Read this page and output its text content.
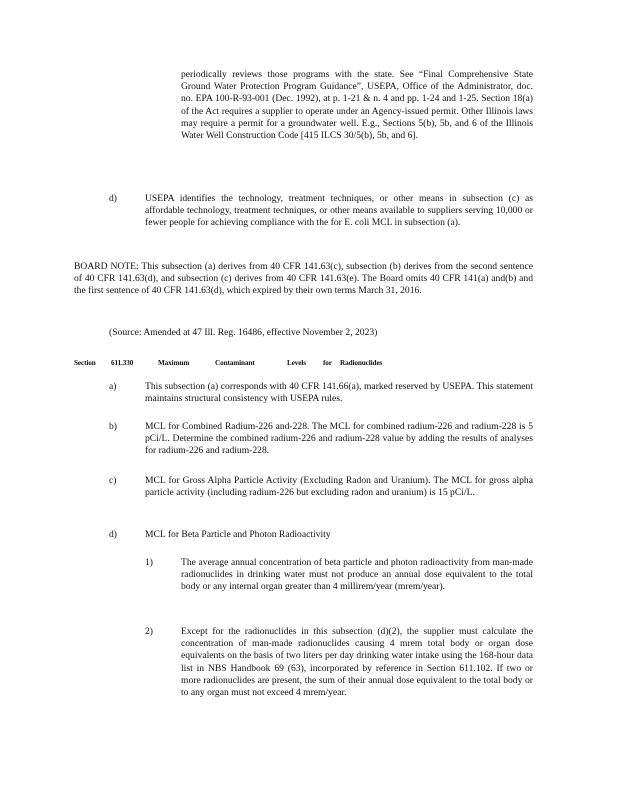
periodically reviews those programs with the state. See “Final Comprehensive State Ground Water Protection Program Guidance”, USEPA, Office of the Administrator, doc. no. EPA 100-R-93-001 (Dec. 1992), at p. 1-21 & n. 4 and pp. 1-24 and 1-25. Section 18(a) of the Act requires a supplier to operate under an Agency-issued permit. Other Illinois laws may require a permit for a groundwater well. E.g., Sections 5(b), 5b, and 6 of the Illinois Water Well Construction Code [415 ILCS 30/5(b), 5b, and 6].
d)	USEPA identifies the technology, treatment techniques, or other means in subsection (c) as affordable technology, treatment techniques, or other means available to suppliers serving 10,000 or fewer people for achieving compliance with the for E. coli MCL in subsection (a).
BOARD NOTE: This subsection (a) derives from 40 CFR 141.63(c), subsection (b) derives from the second sentence of 40 CFR 141.63(d), and subsection (c) derives from 40 CFR 141.63(e). The Board omits 40 CFR 141(a) and(b) and the first sentence of 40 CFR 141.63(d), which expired by their own terms March 31, 2016.
(Source: Amended at 47 Ill. Reg. 16486, effective November 2, 2023)
Section 611.330	Maximum	Contaminant	Levels for Radionuclides
a)	This subsection (a) corresponds with 40 CFR 141.66(a), marked reserved by USEPA. This statement maintains structural consistency with USEPA rules.
b)	MCL for Combined Radium-226 and-228. The MCL for combined radium-226 and radium-228 is 5 pCi/L. Determine the combined radium-226 and radium-228 value by adding the results of analyses for radium-226 and radium-228.
c)	MCL for Gross Alpha Particle Activity (Excluding Radon and Uranium). The MCL for gross alpha particle activity (including radium-226 but excluding radon and uranium) is 15 pCi/L.
d)	MCL for Beta Particle and Photon Radioactivity
1)	The average annual concentration of beta particle and photon radioactivity from man-made radionuclides in drinking water must not produce an annual dose equivalent to the total body or any internal organ greater than 4 millirem/year (mrem/year).
2)	Except for the radionuclides in this subsection (d)(2), the supplier must calculate the concentration of man-made radionuclides causing 4 mrem total body or organ dose equivalents on the basis of two liters per day drinking water intake using the 168-hour data list in NBS Handbook 69 (63), incorporated by reference in Section 611.102. If two or more radionuclides are present, the sum of their annual dose equivalent to the total body or to any organ must not exceed 4 mrem/year.
